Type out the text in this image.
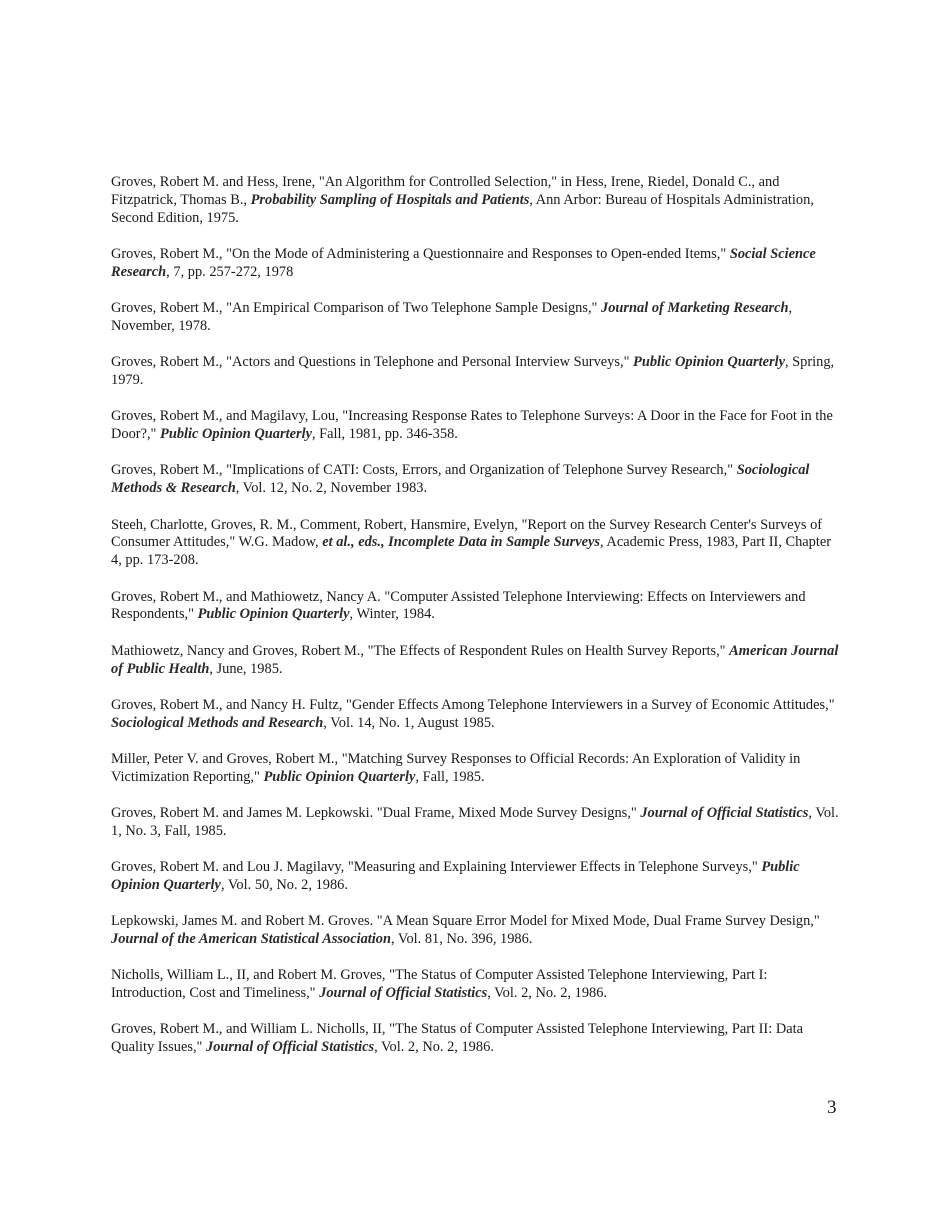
Groves, Robert M. and Hess, Irene, "An Algorithm for Controlled Selection," in Hess, Irene, Riedel, Donald C., and Fitzpatrick, Thomas B., Probability Sampling of Hospitals and Patients, Ann Arbor: Bureau of Hospitals Administration, Second Edition, 1975.

Groves, Robert M., "On the Mode of Administering a Questionnaire and Responses to Open-ended Items," Social Science Research, 7, pp. 257-272, 1978

Groves, Robert M., "An Empirical Comparison of Two Telephone Sample Designs," Journal of Marketing Research, November, 1978.

Groves, Robert M., "Actors and Questions in Telephone and Personal Interview Surveys," Public Opinion Quarterly, Spring, 1979.

Groves, Robert M., and Magilavy, Lou, "Increasing Response Rates to Telephone Surveys: A Door in the Face for Foot in the Door?," Public Opinion Quarterly, Fall, 1981, pp. 346-358.

Groves, Robert M., "Implications of CATI: Costs, Errors, and Organization of Telephone Survey Research," Sociological Methods & Research, Vol. 12, No. 2, November 1983.

Steeh, Charlotte, Groves, R. M., Comment, Robert, Hansmire, Evelyn, "Report on the Survey Research Center's Surveys of Consumer Attitudes," W.G. Madow, et al., eds., Incomplete Data in Sample Surveys, Academic Press, 1983, Part II, Chapter 4, pp. 173-208.

Groves, Robert M., and Mathiowetz, Nancy A. "Computer Assisted Telephone Interviewing: Effects on Interviewers and Respondents," Public Opinion Quarterly, Winter, 1984.

Mathiowetz, Nancy and Groves, Robert M., "The Effects of Respondent Rules on Health Survey Reports," American Journal of Public Health, June, 1985.

Groves, Robert M., and Nancy H. Fultz, "Gender Effects Among Telephone Interviewers in a Survey of Economic Attitudes," Sociological Methods and Research, Vol. 14, No. 1, August 1985.

Miller, Peter V. and Groves, Robert M., "Matching Survey Responses to Official Records: An Exploration of Validity in Victimization Reporting," Public Opinion Quarterly, Fall, 1985.

Groves, Robert M. and James M. Lepkowski. "Dual Frame, Mixed Mode Survey Designs," Journal of Official Statistics, Vol. 1, No. 3, Fall, 1985.

Groves, Robert M. and Lou J. Magilavy, "Measuring and Explaining Interviewer Effects in Telephone Surveys," Public Opinion Quarterly, Vol. 50, No. 2, 1986.

Lepkowski, James M. and Robert M. Groves. "A Mean Square Error Model for Mixed Mode, Dual Frame Survey Design," Journal of the American Statistical Association, Vol. 81, No. 396, 1986.

Nicholls, William L., II, and Robert M. Groves, "The Status of Computer Assisted Telephone Interviewing, Part I: Introduction, Cost and Timeliness," Journal of Official Statistics, Vol. 2, No. 2, 1986.

Groves, Robert M., and William L. Nicholls, II, "The Status of Computer Assisted Telephone Interviewing, Part II: Data Quality Issues," Journal of Official Statistics, Vol. 2, No. 2, 1986.

3
